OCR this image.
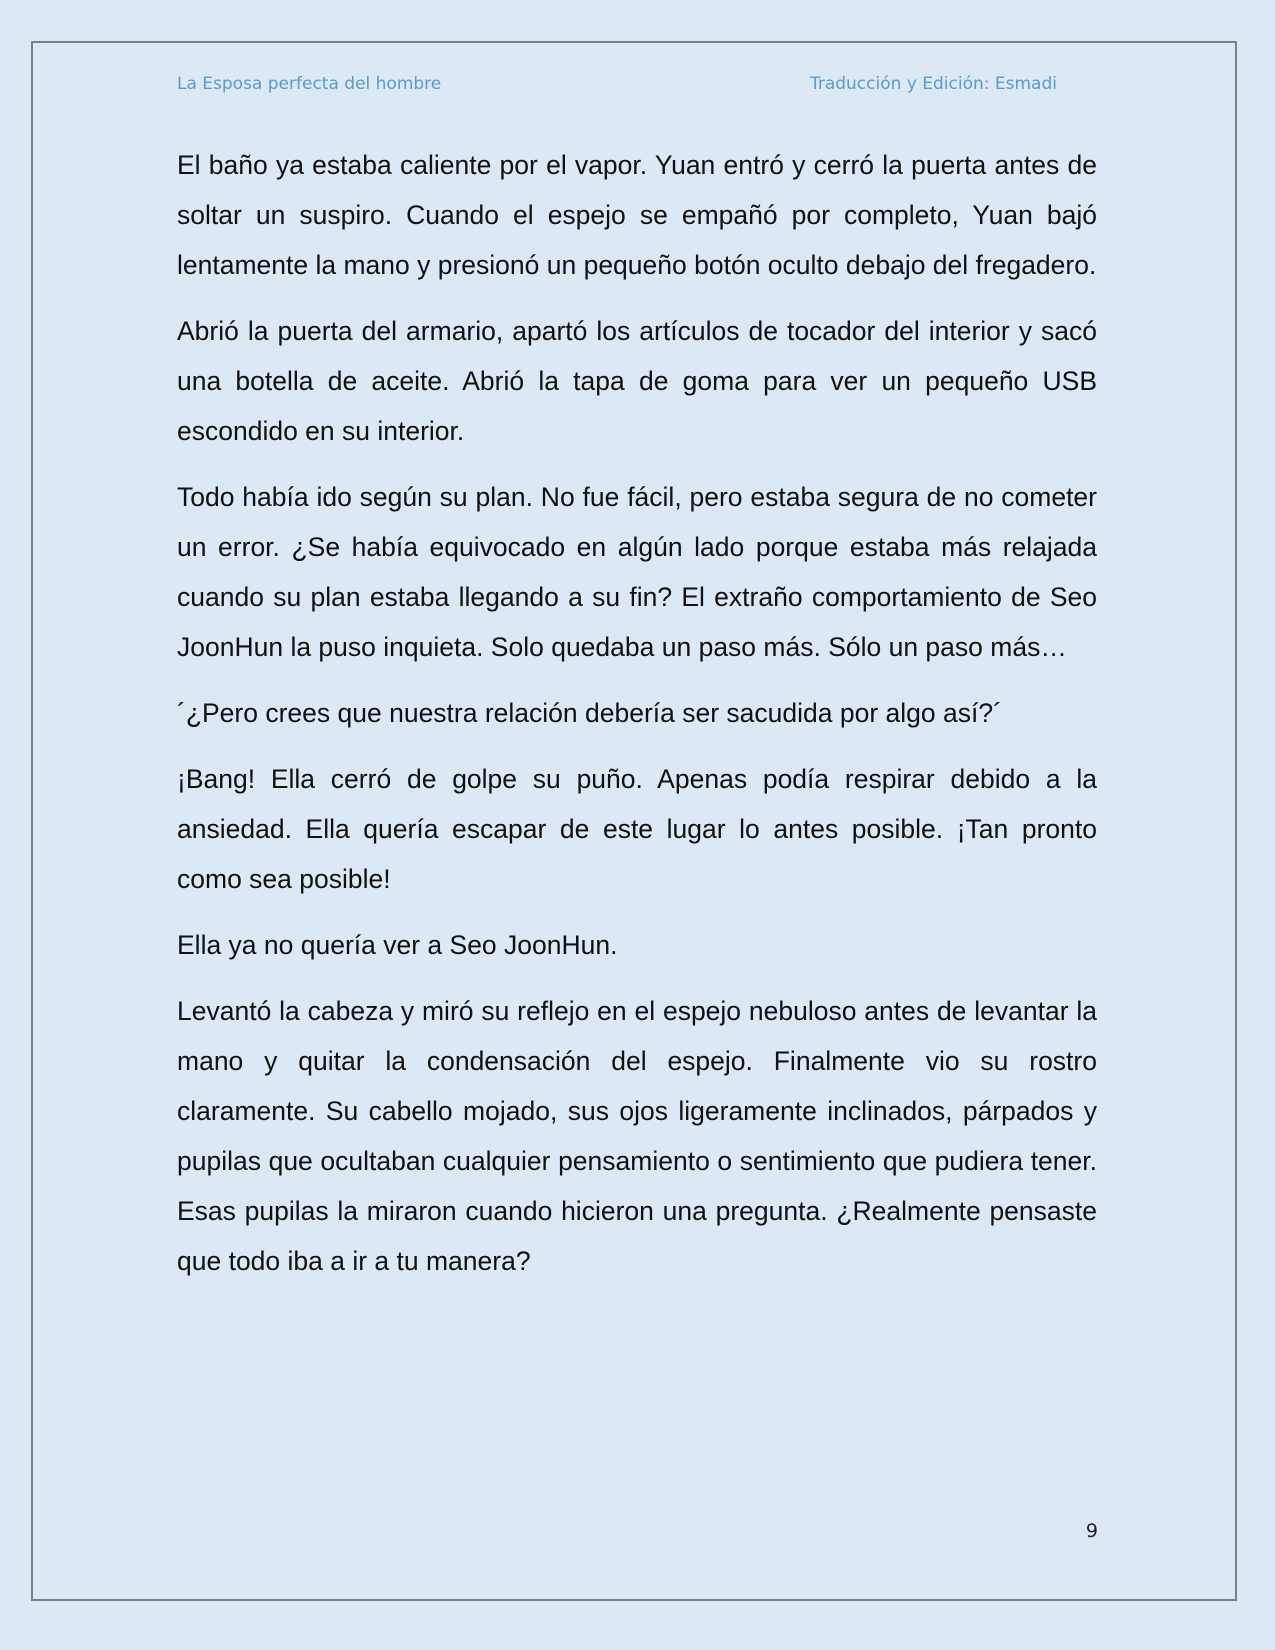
La Esposa perfecta del hombre	Traducción y Edición: Esmadi

El baño ya estaba caliente por el vapor. Yuan entró y cerró la puerta antes de soltar un suspiro. Cuando el espejo se empañó por completo, Yuan bajó lentamente la mano y presionó un pequeño botón oculto debajo del fregadero.

Abrió la puerta del armario, apartó los artículos de tocador del interior y sacó una botella de aceite. Abrió la tapa de goma para ver un pequeño USB escondido en su interior.

Todo había ido según su plan. No fue fácil, pero estaba segura de no cometer un error. ¿Se había equivocado en algún lado porque estaba más relajada cuando su plan estaba llegando a su fin? El extraño comportamiento de Seo JoonHun la puso inquieta. Solo quedaba un paso más. Sólo un paso más…

´¿Pero crees que nuestra relación debería ser sacudida por algo así?´

¡Bang! Ella cerró de golpe su puño. Apenas podía respirar debido a la ansiedad. Ella quería escapar de este lugar lo antes posible. ¡Tan pronto como sea posible!

Ella ya no quería ver a Seo JoonHun.

Levantó la cabeza y miró su reflejo en el espejo nebuloso antes de levantar la mano y quitar la condensación del espejo. Finalmente vio su rostro claramente. Su cabello mojado, sus ojos ligeramente inclinados, párpados y pupilas que ocultaban cualquier pensamiento o sentimiento que pudiera tener. Esas pupilas la miraron cuando hicieron una pregunta. ¿Realmente pensaste que todo iba a ir a tu manera?

9
